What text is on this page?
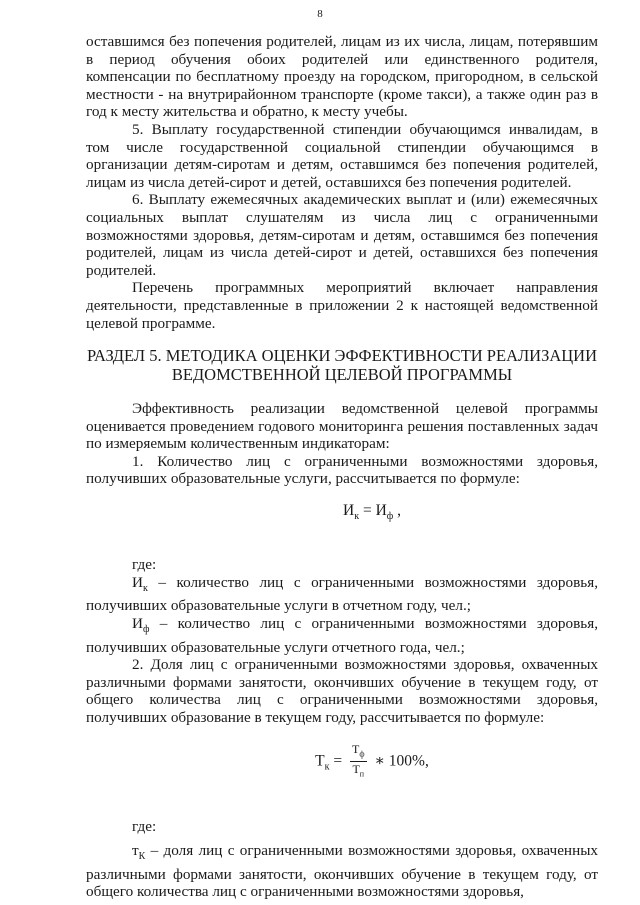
8

оставшимся без попечения родителей, лицам из их числа, лицам, потерявшим в период обучения обоих родителей или единственного родителя, компенсации по бесплатному проезду на городском, пригородном, в сельской местности - на внутрирайонном транспорте (кроме такси), а также один раз в год к месту жительства и обратно, к месту учебы.

5. Выплату государственной стипендии обучающимся инвалидам, в том числе государственной социальной стипендии обучающимся в организации детям-сиротам и детям, оставшимся без попечения родителей, лицам из числа детей-сирот и детей, оставшихся без попечения родителей.

6. Выплату ежемесячных академических выплат и (или) ежемесячных социальных выплат слушателям из числа лиц с ограниченными возможностями здоровья, детям-сиротам и детям, оставшимся без попечения родителей, лицам из числа детей-сирот и детей, оставшихся без попечения родителей.

Перечень программных мероприятий включает направления деятельности, представленные в приложении 2 к настоящей ведомственной целевой программе.

РАЗДЕЛ 5. МЕТОДИКА ОЦЕНКИ ЭФФЕКТИВНОСТИ РЕАЛИЗАЦИИ
ВЕДОМСТВЕННОЙ ЦЕЛЕВОЙ ПРОГРАММЫ

Эффективность реализации ведомственной целевой программы оценивается проведением годового мониторинга решения поставленных задач по измеряемым количественным индикаторам:

1. Количество лиц с ограниченными возможностями здоровья, получивших образовательные услуги, рассчитывается по формуле:

$И_к = И_ф$ ,

где:

$И_к$ – количество лиц с ограниченными возможностями здоровья, получивших образовательные услуги в отчетном году, чел.;

$И_ф$ – количество лиц с ограниченными возможностями здоровья, получивших образовательные услуги отчетного года, чел.;

2. Доля лиц с ограниченными возможностями здоровья, охваченных различными формами занятости, окончивших обучение в текущем году, от общего количества лиц с ограниченными возможностями здоровья, получивших образование в текущем году, рассчитывается по формуле:

$Т_к = \frac{Т_ф}{Т_п}$ ∗ 100%,

где:

$т_К$ – доля лиц с ограниченными возможностями здоровья, охваченных различными формами занятости, окончивших обучение в текущем году, от общего количества лиц с ограниченными возможностями здоровья,
